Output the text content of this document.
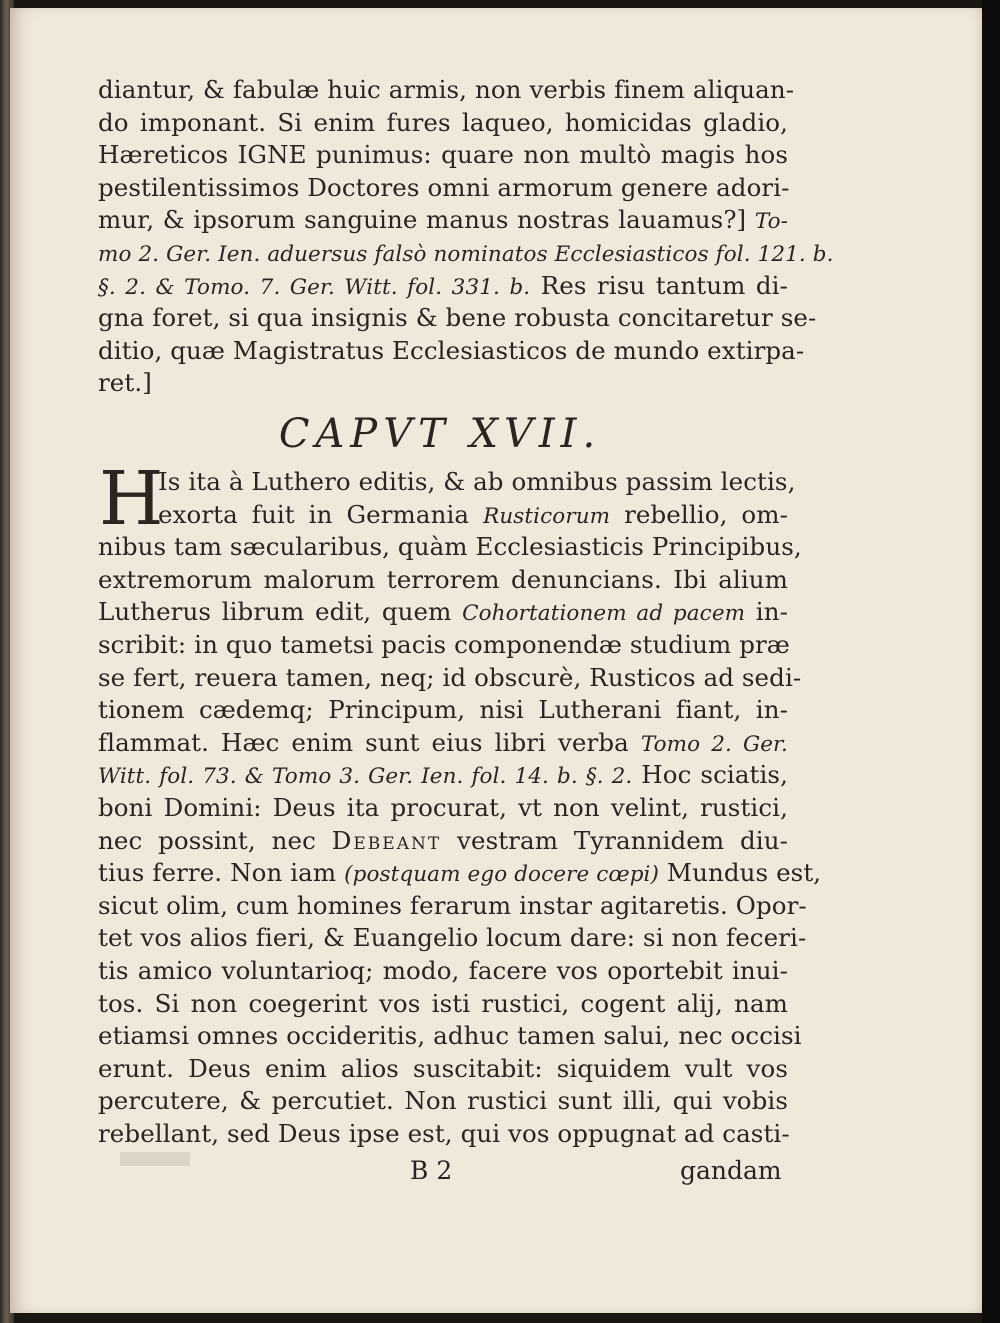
diantur, & fabulæ huic armis, non verbis finem aliquan-
do imponant. Si enim fures laqueo, homicidas gladio,
Hæreticos IGNE punimus: quare non multò magis hos
pestilentissimos Doctores omni armorum genere adori-
mur, & ipsorum sanguine manus nostras lauamus?] To-
mo 2. Ger. Ien. aduersus falsò nominatos Ecclesiasticos fol. 121. b.
§. 2. & Tomo. 7. Ger. Witt. fol. 331. b. Res risu tantum di-
gna foret, si qua insignis & bene robusta concitaretur se-
ditio, quæ Magistratus Ecclesiasticos de mundo extirpa-
ret.]
CAPVT XVII.
H
Is ita à Luthero editis, & ab omnibus passim lectis,
exorta fuit in Germania Rusticorum rebellio, om-
nibus tam sæcularibus, quàm Ecclesiasticis Principibus,
extremorum malorum terrorem denuncians. Ibi alium
Lutherus librum edit, quem Cohortationem ad pacem in-
scribit: in quo tametsi pacis componendæ studium præ
se fert, reuera tamen, neq; id obscurè, Rusticos ad sedi-
tionem cædemq; Principum, nisi Lutherani fiant, in-
flammat. Hæc enim sunt eius libri verba Tomo 2. Ger.
Witt. fol. 73. & Tomo 3. Ger. Ien. fol. 14. b. §. 2. Hoc sciatis,
boni Domini: Deus ita procurat, vt non velint, rustici,
nec possint, nec Debeant vestram Tyrannidem diu-
tius ferre. Non iam (postquam ego docere cœpi) Mundus est,
sicut olim, cum homines ferarum instar agitaretis. Opor-
tet vos alios fieri, & Euangelio locum dare: si non feceri-
tis amico voluntarioq; modo, facere vos oportebit inui-
tos. Si non coegerint vos isti rustici, cogent alij, nam
etiamsi omnes occideritis, adhuc tamen salui, nec occisi
erunt. Deus enim alios suscitabit: siquidem vult vos
percutere, & percutiet. Non rustici sunt illi, qui vobis
rebellant, sed Deus ipse est, qui vos oppugnat ad casti-
B 2	gandam
